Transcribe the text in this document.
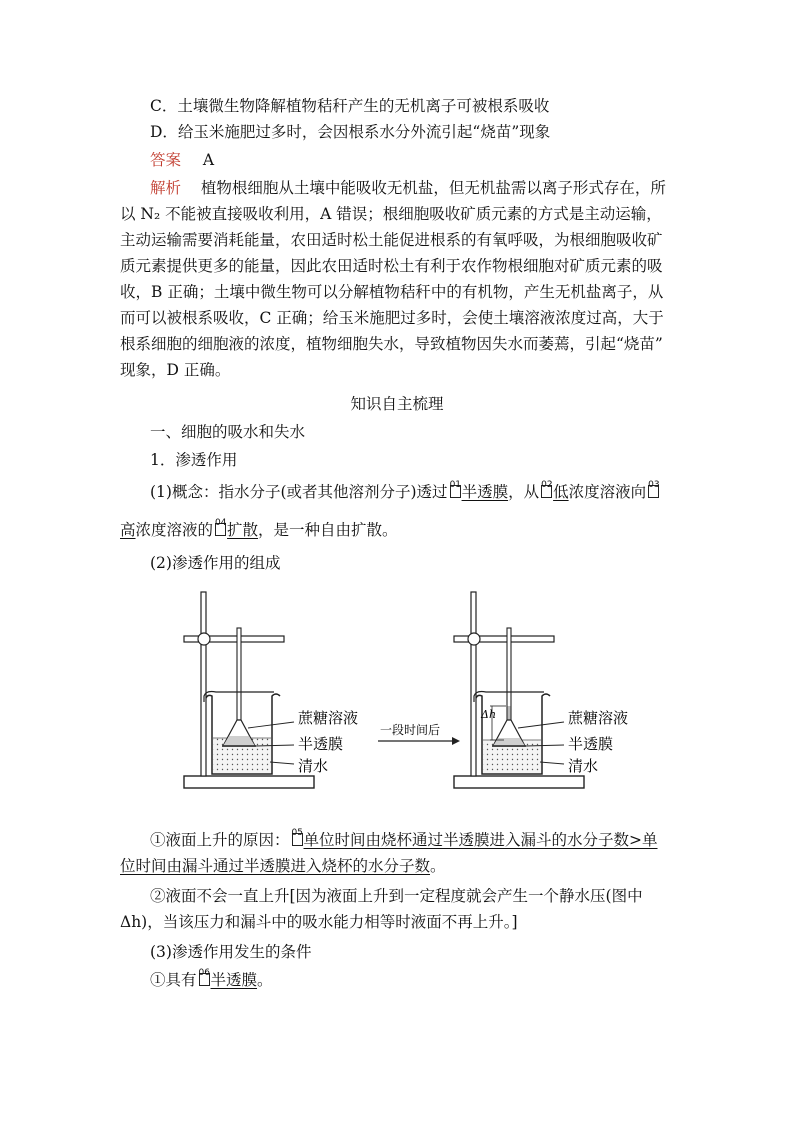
C．土壤微生物降解植物秸秆产生的无机离子可被根系吸收
D．给玉米施肥过多时，会因根系水分外流引起“烧苗”现象
答案 A
解析 植物根细胞从土壤中能吸收无机盐，但无机盐需以离子形式存在，所
以 N₂ 不能被直接吸收利用，A 错误；根细胞吸收矿质元素的方式是主动运输，
主动运输需要消耗能量，农田适时松土能促进根系的有氧呼吸，为根细胞吸收矿
质元素提供更多的能量，因此农田适时松土有利于农作物根细胞对矿质元素的吸
收，B 正确；土壤中微生物可以分解植物秸秆中的有机物，产生无机盐离子，从
而可以被根系吸收，C 正确；给玉米施肥过多时，会使土壤溶液浓度过高，大于
根系细胞的细胞液的浓度，植物细胞失水，导致植物因失水而萎蔫，引起“烧苗”
现象，D 正确。
知识自主梳理
一、细胞的吸水和失水
1．渗透作用
(1)概念：指水分子(或者其他溶剂分子)透过 01 半透膜，从 02 低浓度溶液向 03
高浓度溶液的 04 扩散，是一种自由扩散。
(2)渗透作用的组成
蔗糖溶液
半透膜
清水
一段时间后
Δh	蔗糖溶液
半透膜
清水
①液面上升的原因： 05 单位时间由烧杯通过半透膜进入漏斗的水分子数>单
位时间由漏斗通过半透膜进入烧杯的水分子数。
②液面不会一直上升[因为液面上升到一定程度就会产生一个静水压(图中
Δh)，当该压力和漏斗中的吸水能力相等时液面不再上升。]
(3)渗透作用发生的条件
①具有 06 半透膜。
